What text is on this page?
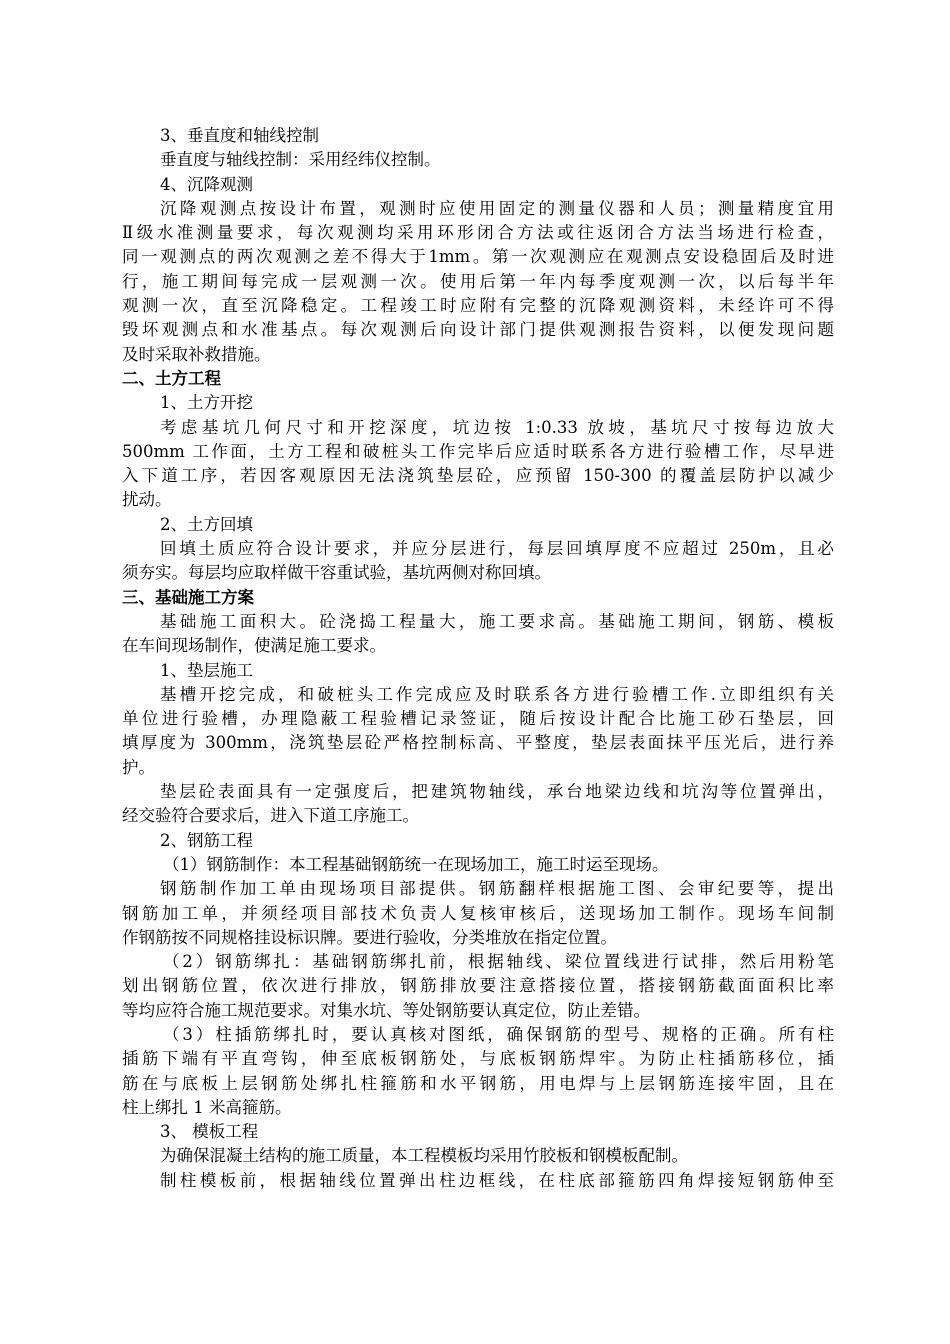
3、垂直度和轴线控制
垂直度与轴线控制：采用经纬仪控制。
4、沉降观测
沉降观测点按设计布置，观测时应使用固定的测量仪器和人员；测量精度宜用
Ⅱ级水准测量要求，每次观测均采用环形闭合方法或往返闭合方法当场进行检查，
同一观测点的两次观测之差不得大于1mm。第一次观测应在观测点安设稳固后及时进
行，施工期间每完成一层观测一次。使用后第一年内每季度观测一次，以后每半年
观测一次，直至沉降稳定。工程竣工时应附有完整的沉降观测资料，未经许可不得
毁坏观测点和水准基点。每次观测后向设计部门提供观测报告资料，以便发现问题
及时采取补救措施。
二、土方工程
1、土方开挖
考虑基坑几何尺寸和开挖深度，坑边按 1:0.33 放坡，基坑尺寸按每边放大
500mm 工作面，土方工程和破桩头工作完毕后应适时联系各方进行验槽工作，尽早进
入下道工序，若因客观原因无法浇筑垫层砼，应预留 150-300 的覆盖层防护以减少
扰动。
2、土方回填
回填土质应符合设计要求，并应分层进行，每层回填厚度不应超过 250m，且必
须夯实。每层均应取样做干容重试验，基坑两侧对称回填。
三、基础施工方案
基础施工面积大。砼浇捣工程量大，施工要求高。基础施工期间，钢筋、模板
在车间现场制作，使满足施工要求。
1、垫层施工
基槽开挖完成，和破桩头工作完成应及时联系各方进行验槽工作.立即组织有关
单位进行验槽，办理隐蔽工程验槽记录签证，随后按设计配合比施工砂石垫层，回
填厚度为 300mm，浇筑垫层砼严格控制标高、平整度，垫层表面抹平压光后，进行养
护。
垫层砼表面具有一定强度后，把建筑物轴线，承台地梁边线和坑沟等位置弹出，
经交验符合要求后，进入下道工序施工。
2、钢筋工程
（1）钢筋制作：本工程基础钢筋统一在现场加工，施工时运至现场。
钢筋制作加工单由现场项目部提供。钢筋翻样根据施工图、会审纪要等，提出
钢筋加工单，并须经项目部技术负责人复核审核后，送现场加工制作。现场车间制
作钢筋按不同规格挂设标识牌。要进行验收，分类堆放在指定位置。
（2）钢筋绑扎：基础钢筋绑扎前，根据轴线、梁位置线进行试排，然后用粉笔
划出钢筋位置，依次进行排放，钢筋排放要注意搭接位置，搭接钢筋截面面积比率
等均应符合施工规范要求。对集水坑、等处钢筋要认真定位，防止差错。
（3）柱插筋绑扎时，要认真核对图纸，确保钢筋的型号、规格的正确。所有柱
插筋下端有平直弯钩，伸至底板钢筋处，与底板钢筋焊牢。为防止柱插筋移位，插
筋在与底板上层钢筋处绑扎柱箍筋和水平钢筋，用电焊与上层钢筋连接牢固，且在
柱上绑扎 1 米高箍筋。
3、 模板工程
为确保混凝土结构的施工质量，本工程模板均采用竹胶板和钢模板配制。
制柱模板前，根据轴线位置弹出柱边框线，在柱底部箍筋四角焊接短钢筋伸至
